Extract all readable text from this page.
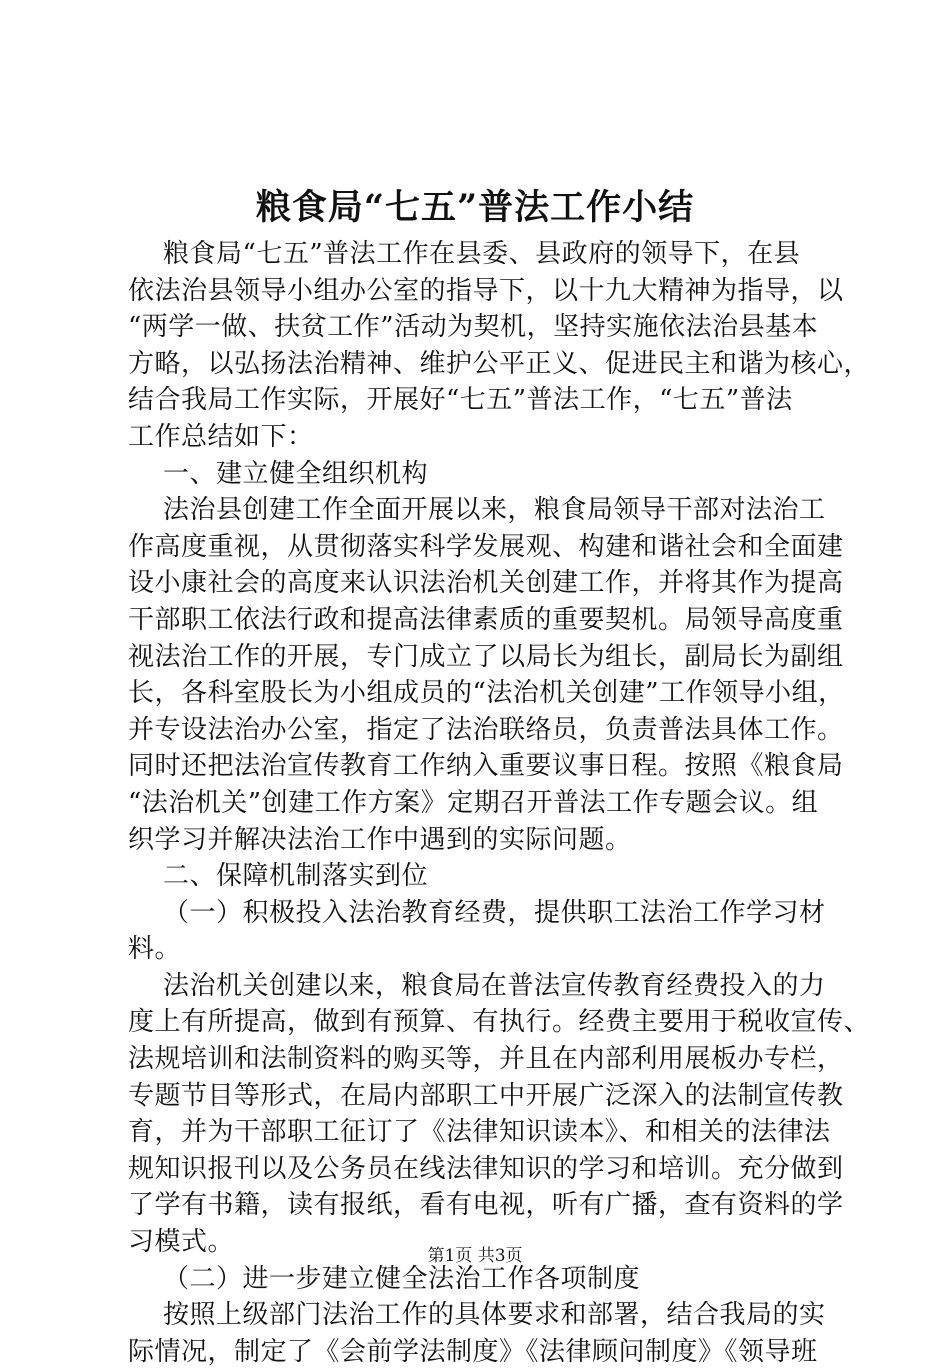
粮食局“七五”普法工作小结
粮食局“七五”普法工作在县委、县政府的领导下，在县
依法治县领导小组办公室的指导下，以十九大精神为指导，以
“两学一做、扶贫工作”活动为契机，坚持实施依法治县基本
方略，以弘扬法治精神、维护公平正义、促进民主和谐为核心，
结合我局工作实际，开展好“七五”普法工作，“七五”普法
工作总结如下：
一、建立健全组织机构
法治县创建工作全面开展以来，粮食局领导干部对法治工
作高度重视，从贯彻落实科学发展观、构建和谐社会和全面建
设小康社会的高度来认识法治机关创建工作，并将其作为提高
干部职工依法行政和提高法律素质的重要契机。局领导高度重
视法治工作的开展，专门成立了以局长为组长，副局长为副组
长，各科室股长为小组成员的“法治机关创建”工作领导小组，
并专设法治办公室，指定了法治联络员，负责普法具体工作。
同时还把法治宣传教育工作纳入重要议事日程。按照《粮食局
“法治机关”创建工作方案》定期召开普法工作专题会议。组
织学习并解决法治工作中遇到的实际问题。
二、保障机制落实到位
（一）积极投入法治教育经费，提供职工法治工作学习材
料。
法治机关创建以来，粮食局在普法宣传教育经费投入的力
度上有所提高，做到有预算、有执行。经费主要用于税收宣传、
法规培训和法制资料的购买等，并且在内部利用展板办专栏，
专题节目等形式，在局内部职工中开展广泛深入的法制宣传教
育，并为干部职工征订了《法律知识读本》、和相关的法律法
规知识报刊以及公务员在线法律知识的学习和培训。充分做到
了学有书籍，读有报纸，看有电视，听有广播，查有资料的学
习模式。
（二）进一步建立健全法治工作各项制度
按照上级部门法治工作的具体要求和部署，结合我局的实
际情况，制定了《会前学法制度》《法律顾问制度》《领导班
第1页 共3页
